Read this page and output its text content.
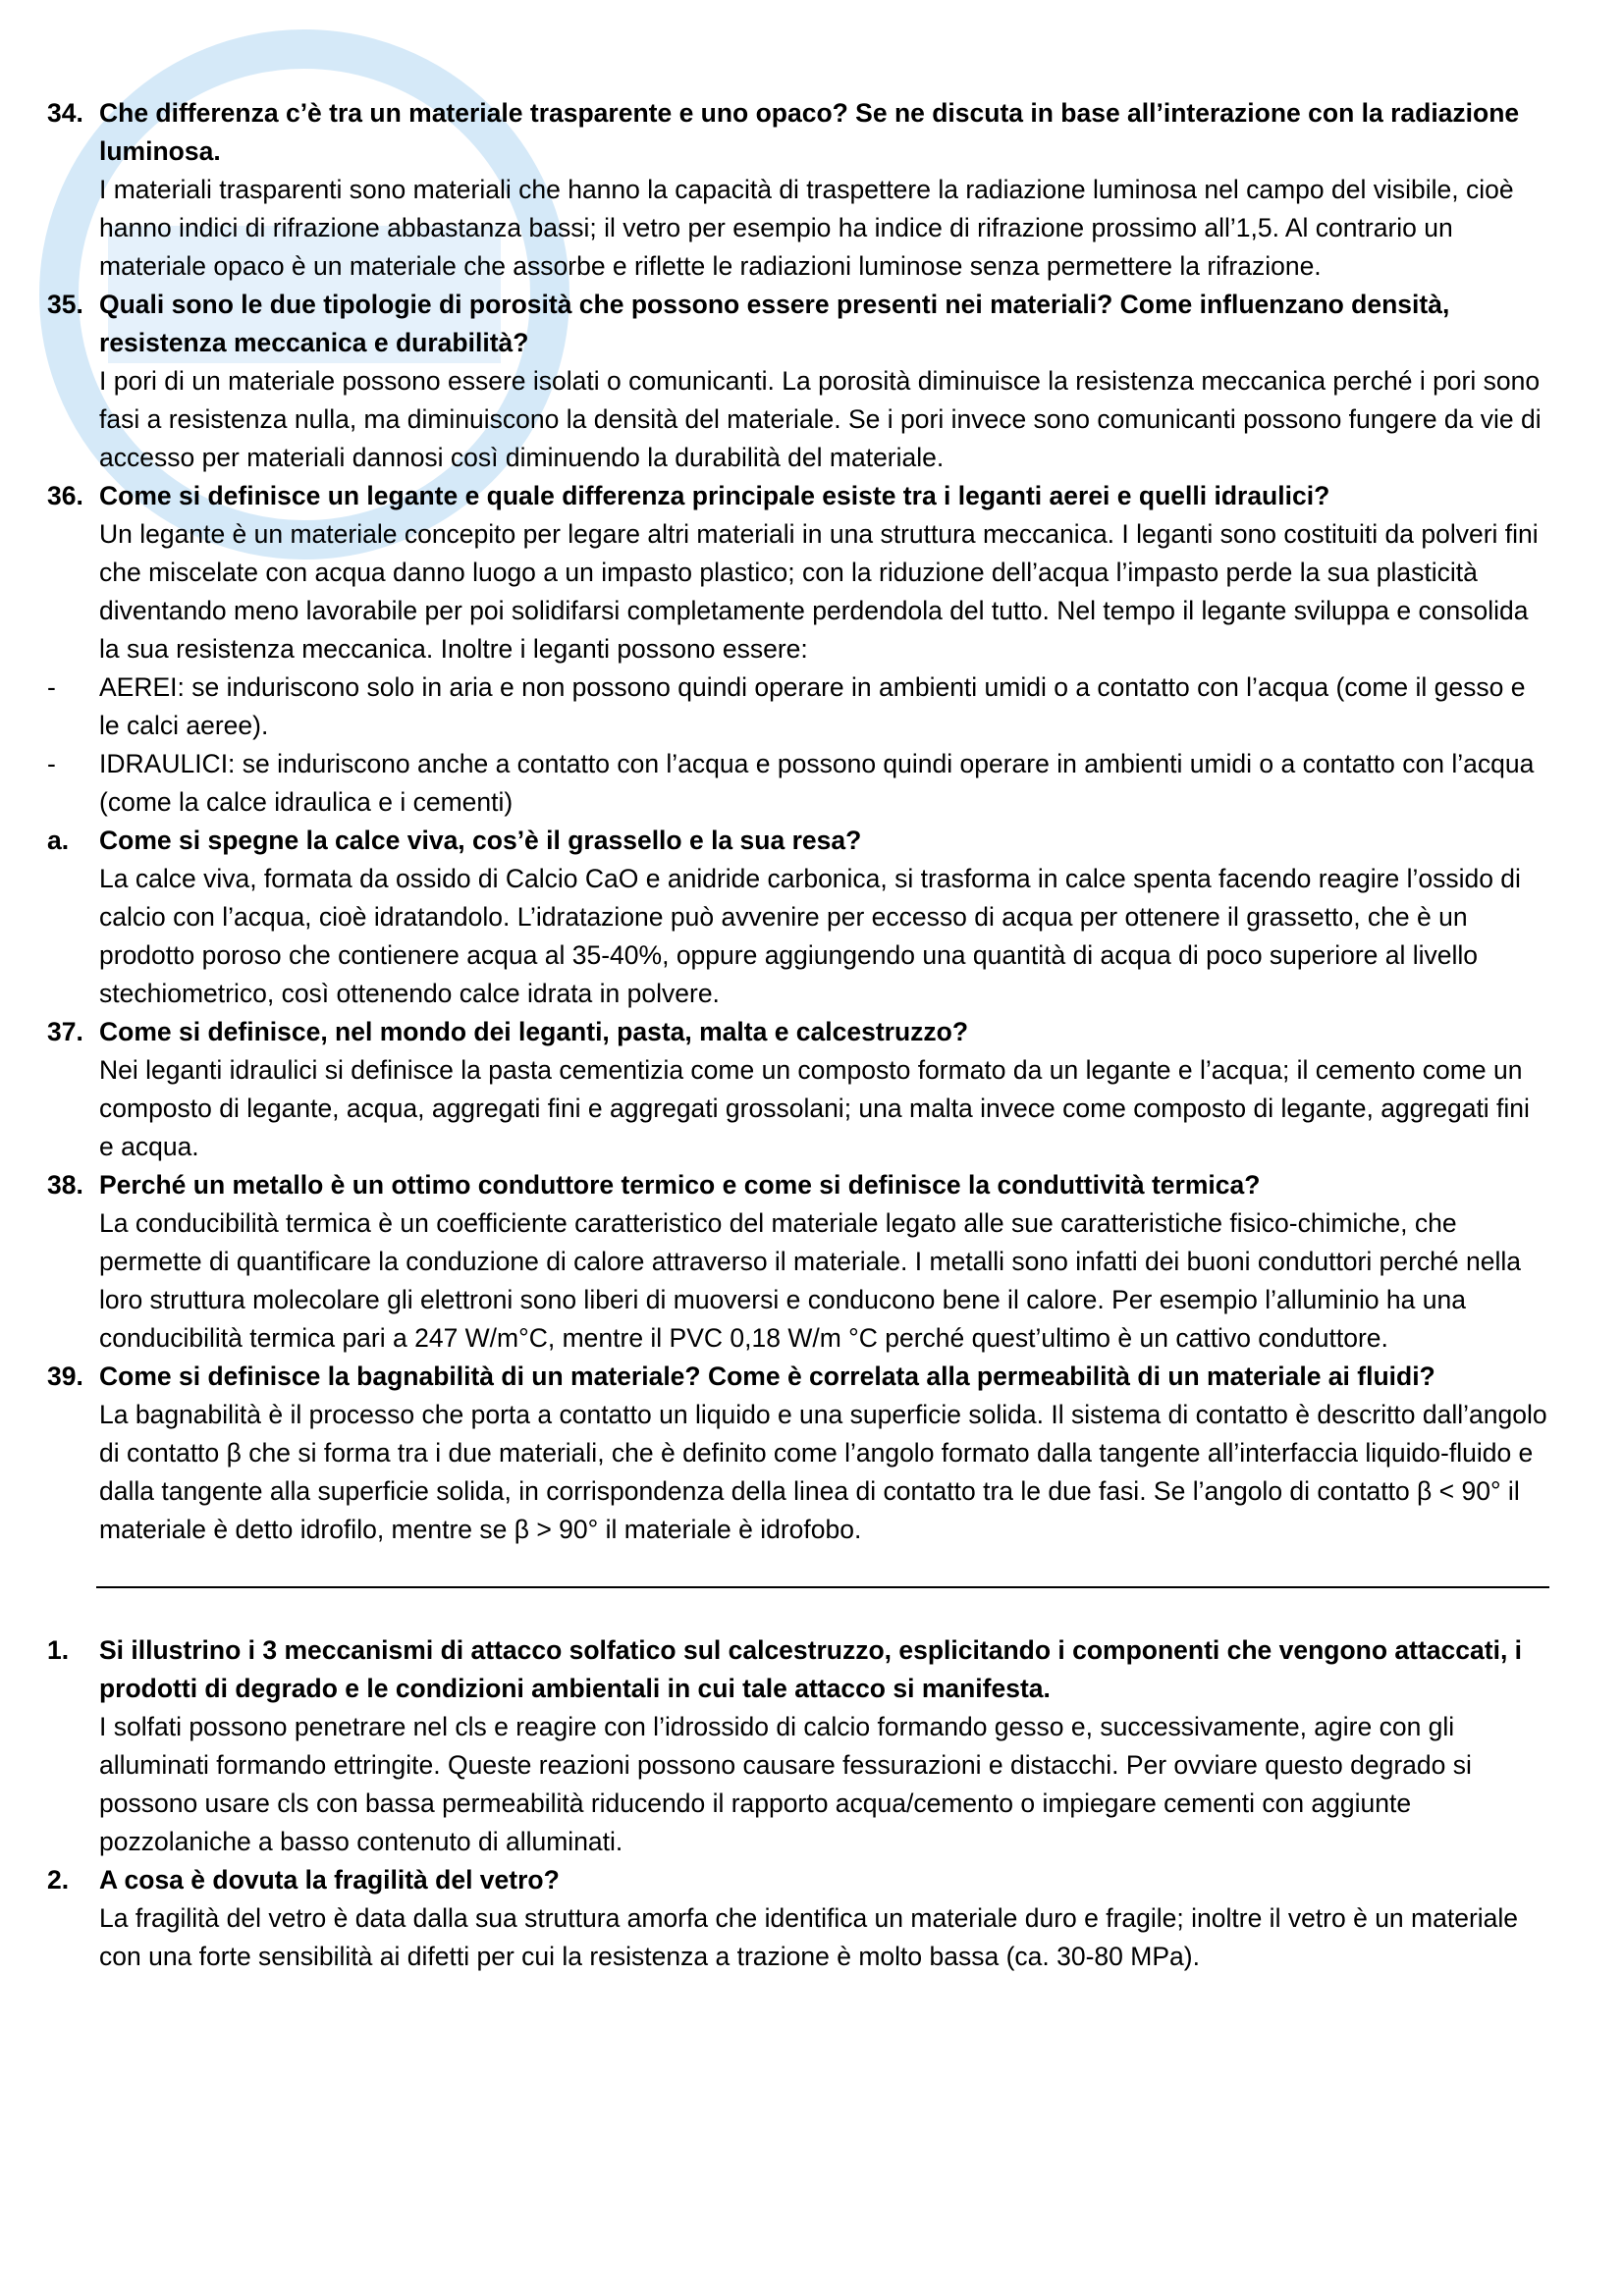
34. Che differenza c’è tra un materiale trasparente e uno opaco? Se ne discuta in base all’interazione con la radiazione luminosa.
I materiali trasparenti sono materiali che hanno la capacità di traspettere la radiazione luminosa nel campo del visibile, cioè hanno indici di rifrazione abbastanza bassi; il vetro per esempio ha indice di rifrazione prossimo all’1,5. Al contrario un materiale opaco è un materiale che assorbe e riflette le radiazioni luminose senza permettere la rifrazione.
35. Quali sono le due tipologie di porosità che possono essere presenti nei materiali? Come influenzano densità, resistenza meccanica e durabilità?
I pori di un materiale possono essere isolati o comunicanti. La porosità diminuisce la resistenza meccanica perché i pori sono fasi a resistenza nulla, ma diminuiscono la densità del materiale. Se i pori invece sono comunicanti possono fungere da vie di accesso per materiali dannosi così diminuendo la durabilità del materiale.
36. Come si definisce un legante e quale differenza principale esiste tra i leganti aerei e quelli idraulici?
Un legante è un materiale concepito per legare altri materiali in una struttura meccanica. I leganti sono costituiti da polveri fini che miscelate con acqua danno luogo a un impasto plastico; con la riduzione dell’acqua l’impasto perde la sua plasticità diventando meno lavorabile per poi solidifarsi completamente perdendola del tutto. Nel tempo il legante sviluppa e consolida la sua resistenza meccanica. Inoltre i leganti possono essere:
- AEREI: se induriscono solo in aria e non possono quindi operare in ambienti umidi o a contatto con l’acqua (come il gesso e le calci aeree).
- IDRAULICI: se induriscono anche a contatto con l’acqua e possono quindi operare in ambienti umidi o a contatto con l’acqua (come la calce idraulica e i cementi)
a. Come si spegne la calce viva, cos’è il grassello e la sua resa?
La calce viva, formata da ossido di Calcio CaO e anidride carbonica, si trasforma in calce spenta facendo reagire l’ossido di calcio con l’acqua, cioè idratandolo. L’idratazione può avvenire per eccesso di acqua per ottenere il grassetto, che è un prodotto poroso che contienere acqua al 35-40%, oppure aggiungendo una quantità di acqua di poco superiore al livello stechiometrico, così ottenendo calce idrata in polvere.
37. Come si definisce, nel mondo dei leganti, pasta, malta e calcestruzzo?
Nei leganti idraulici si definisce la pasta cementizia come un composto formato da un legante e l’acqua; il cemento come un composto di legante, acqua, aggregati fini e aggregati grossolani; una malta invece come composto di legante, aggregati fini e acqua.
38. Perché un metallo è un ottimo conduttore termico e come si definisce la conduttività termica?
La conducibilità termica è un coefficiente caratteristico del materiale legato alle sue caratteristiche fisico-chimiche, che permette di quantificare la conduzione di calore attraverso il materiale. I metalli sono infatti dei buoni conduttori perché nella loro struttura molecolare gli elettroni sono liberi di muoversi e conducono bene il calore. Per esempio l’alluminio ha una conducibilità termica pari a 247 W/m°C, mentre il PVC 0,18 W/m °C perché quest’ultimo è un cattivo conduttore.
39. Come si definisce la bagnabilità di un materiale? Come è correlata alla permeabilità di un materiale ai fluidi?
La bagnabilità è il processo che porta a contatto un liquido e una superficie solida. Il sistema di contatto è descritto dall’angolo di contatto β che si forma tra i due materiali, che è definito come l’angolo formato dalla tangente all’interfaccia liquido-fluido e dalla tangente alla superficie solida, in corrispondenza della linea di contatto tra le due fasi. Se l’angolo di contatto β < 90° il materiale è detto idrofilo, mentre se β > 90° il materiale è idrofobo.
1. Si illustrino i 3 meccanismi di attacco solfatico sul calcestruzzo, esplicitando i componenti che vengono attaccati, i prodotti di degrado e le condizioni ambientali in cui tale attacco si manifesta.
I solfati possono penetrare nel cls e reagire con l’idrossido di calcio formando gesso e, successivamente, agire con gli alluminati formando ettringite. Queste reazioni possono causare fessurazioni e distacchi. Per ovviare questo degrado si possono usare cls con bassa permeabilità riducendo il rapporto acqua/cemento o impiegare cementi con aggiunte pozzolaniche a basso contenuto di alluminati.
2. A cosa è dovuta la fragilità del vetro?
La fragilità del vetro è data dalla sua struttura amorfa che identifica un materiale duro e fragile; inoltre il vetro è un materiale con una forte sensibilità ai difetti per cui la resistenza a trazione è molto bassa (ca. 30-80 MPa).
